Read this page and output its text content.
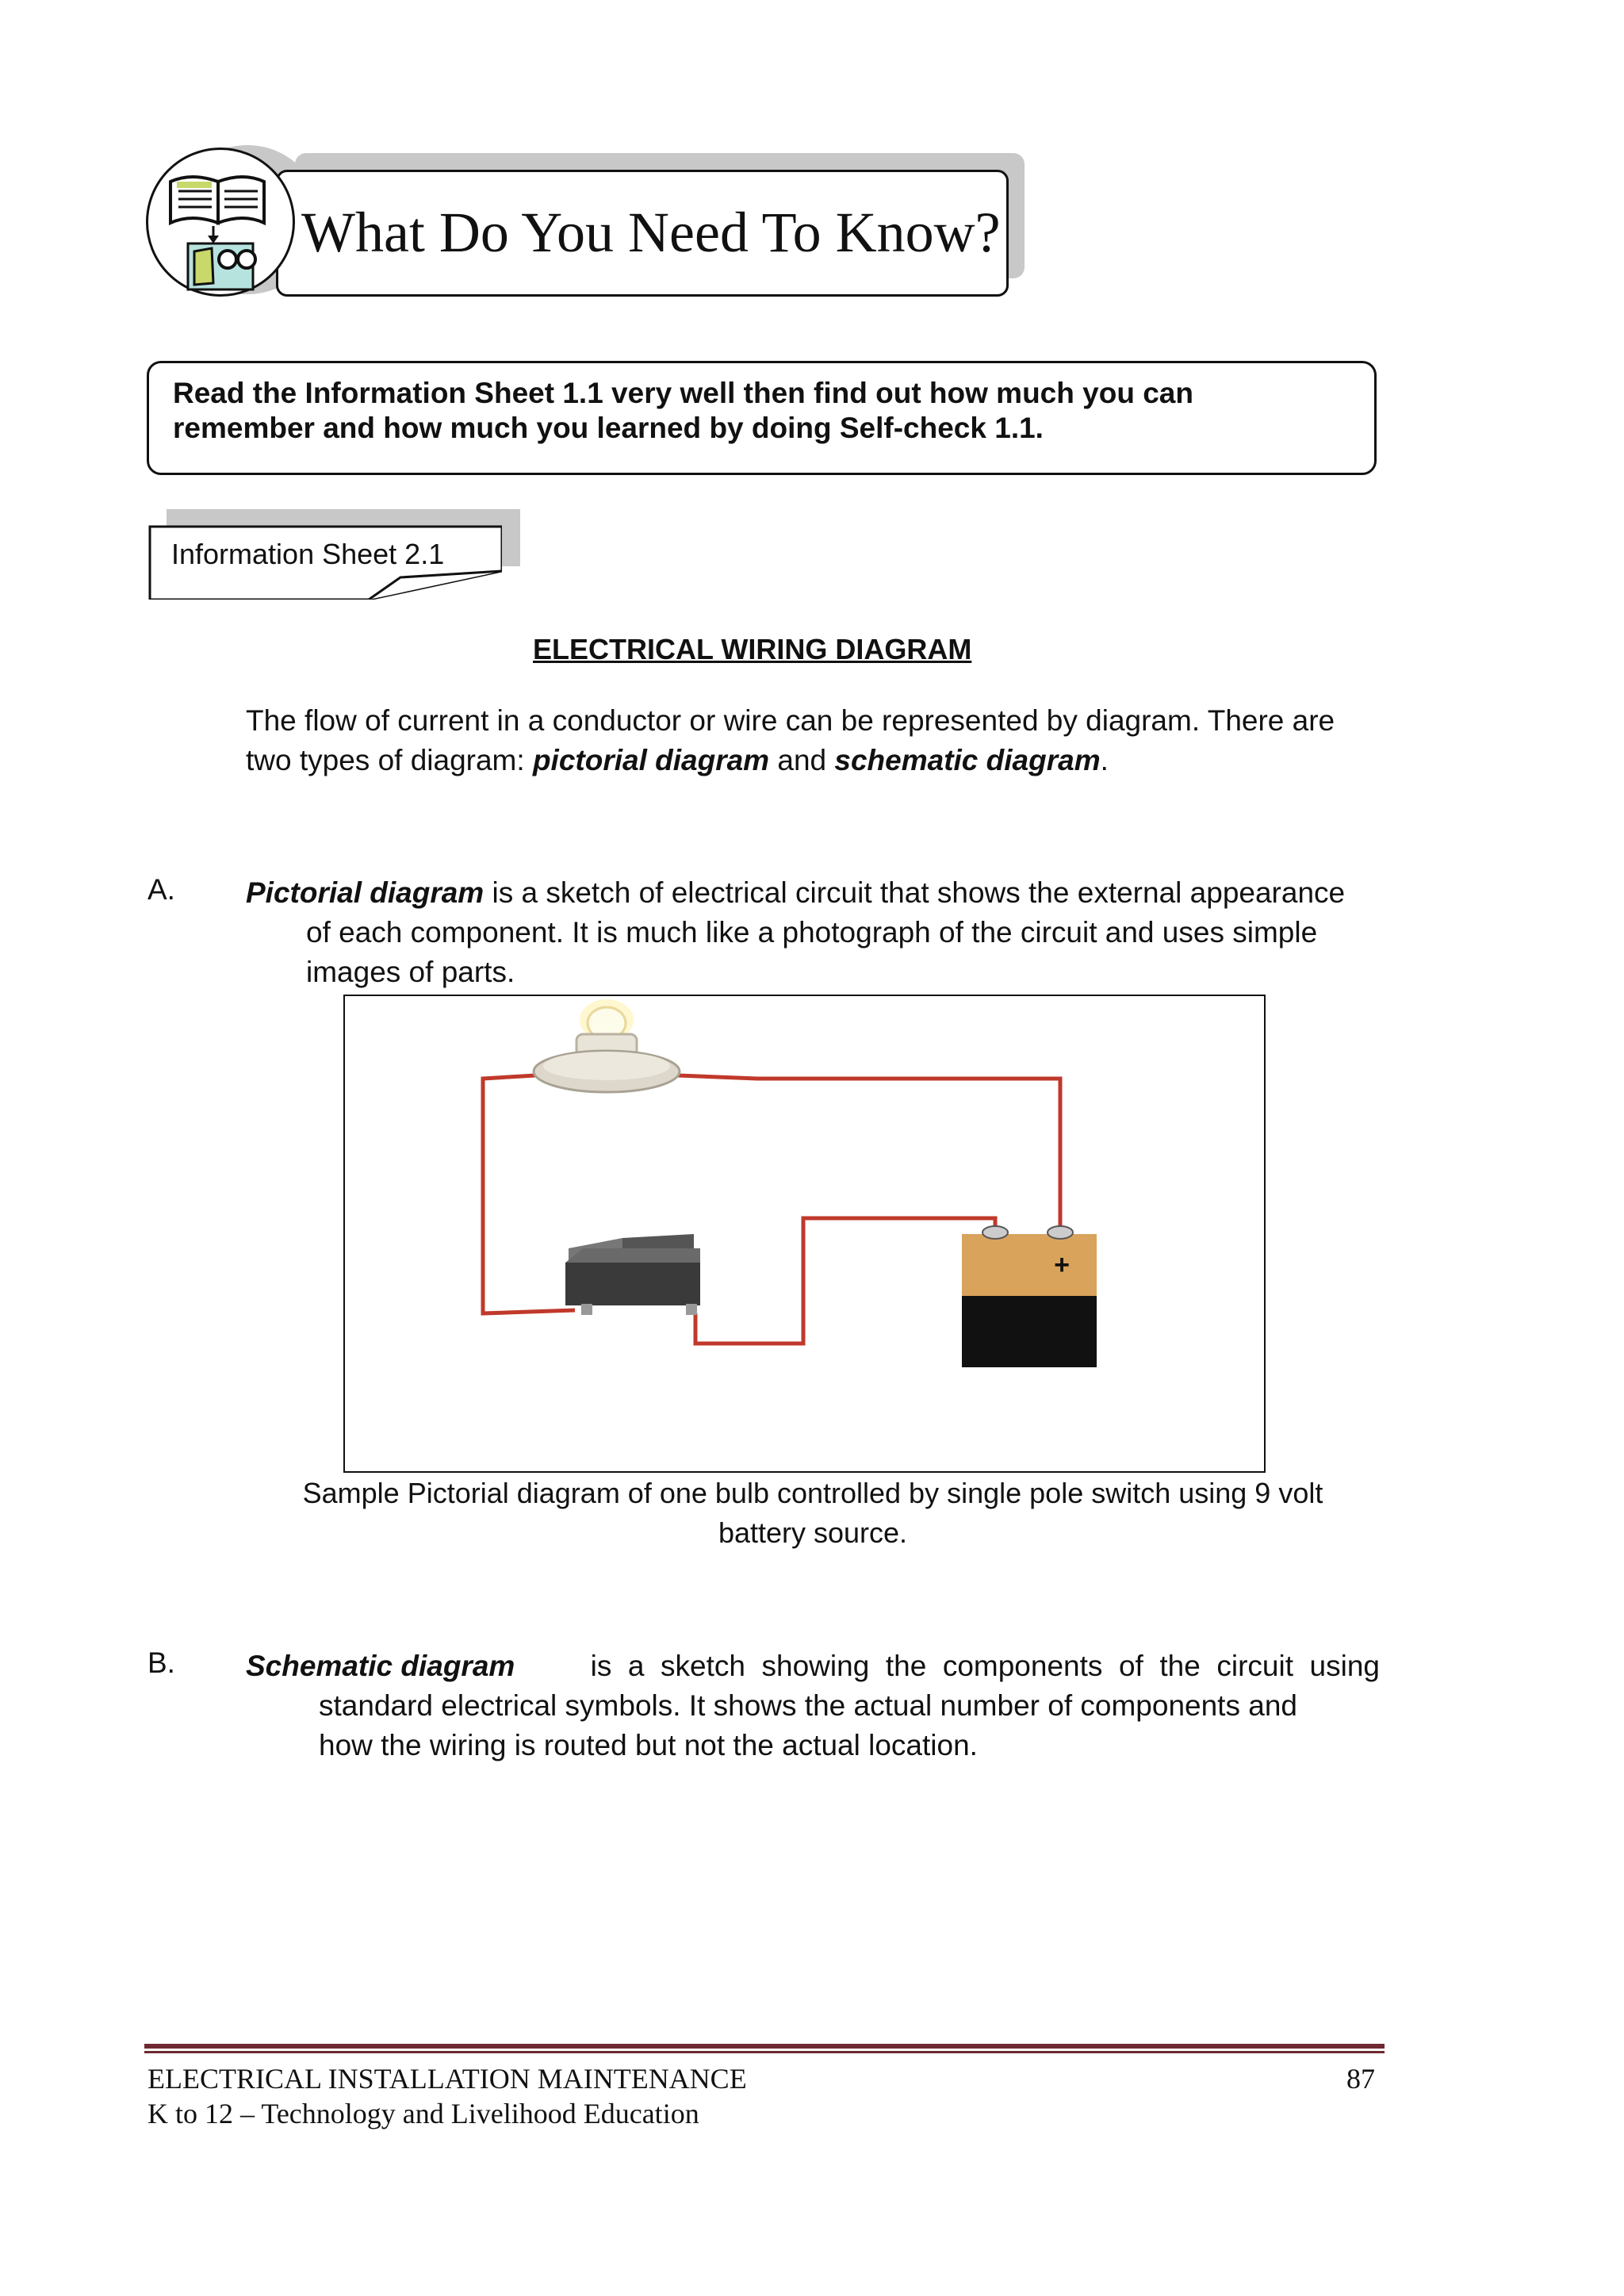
What Do You Need To Know?
Read the Information Sheet 1.1 very well then find out how much you can
remember and how much you learned by doing Self-check 1.1.
Information Sheet 2.1
ELECTRICAL WIRING DIAGRAM
The flow of current in a conductor or wire can be represented by diagram. There are
two types of diagram: pictorial diagram and schematic diagram.
A. Pictorial diagram is a sketch of electrical circuit that shows the external appearance
of each component. It is much like a photograph of the circuit and uses simple
images of parts.
+
Sample Pictorial diagram of one bulb controlled by single pole switch using 9 volt
battery source.
B. Schematic diagram	is  a  sketch  showing  the  components  of  the  circuit  using
standard electrical symbols. It shows the actual number of components and
how the wiring is routed but not the actual location.
ELECTRICAL INSTALLATION MAINTENANCE
K to 12 – Technology and Livelihood Education
87
